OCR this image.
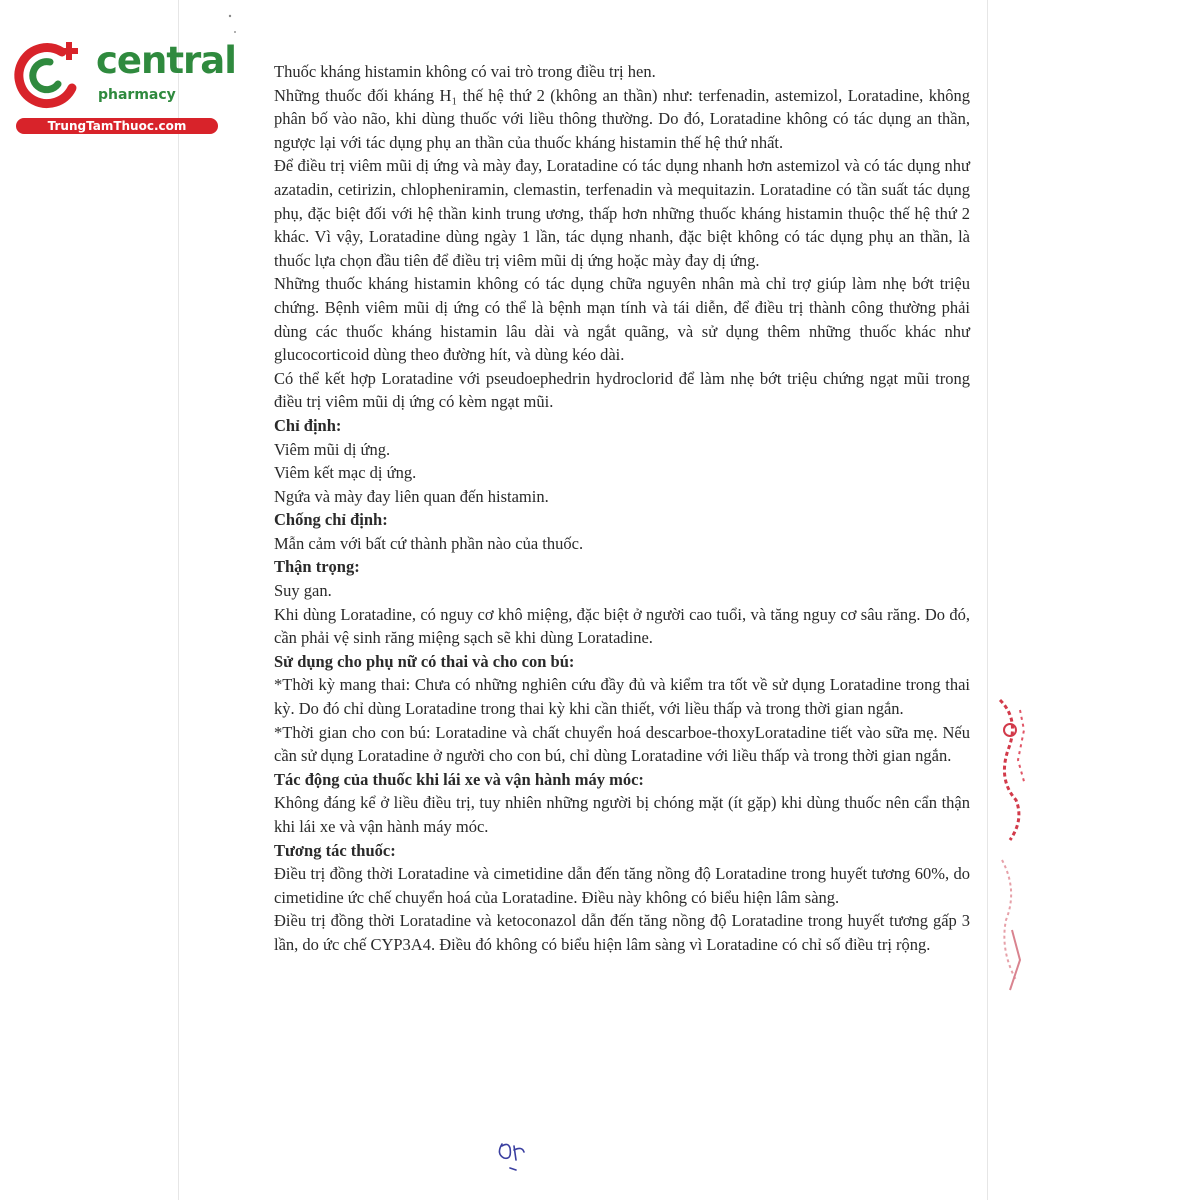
central
pharmacy
TrungTamThuoc.com

Thuốc kháng histamin không có vai trò trong điều trị hen.

Những thuốc đối kháng H₁ thế hệ thứ 2 (không an thần) như: terfenadin, astemizol, Loratadine, không phân bố vào não, khi dùng thuốc với liều thông thường. Do đó, Loratadine không có tác dụng an thần, ngược lại với tác dụng phụ an thần của thuốc kháng histamin thế hệ thứ nhất.

Để điều trị viêm mũi dị ứng và mày đay, Loratadine có tác dụng nhanh hơn astemizol và có tác dụng như azatadin, cetirizin, chlopheniramin, clemastin, terfenadin và mequitazin. Loratadine có tần suất tác dụng phụ, đặc biệt đối với hệ thần kinh trung ương, thấp hơn những thuốc kháng histamin thuộc thế hệ thứ 2 khác. Vì vậy, Loratadine dùng ngày 1 lần, tác dụng nhanh, đặc biệt không có tác dụng phụ an thần, là thuốc lựa chọn đầu tiên để điều trị viêm mũi dị ứng hoặc mày đay dị ứng.

Những thuốc kháng histamin không có tác dụng chữa nguyên nhân mà chỉ trợ giúp làm nhẹ bớt triệu chứng. Bệnh viêm mũi dị ứng có thể là bệnh mạn tính và tái diễn, để điều trị thành công thường phải dùng các thuốc kháng histamin lâu dài và ngắt quãng, và sử dụng thêm những thuốc khác như glucocorticoid dùng theo đường hít, và dùng kéo dài.

Có thể kết hợp Loratadine với pseudoephedrin hydroclorid để làm nhẹ bớt triệu chứng ngạt mũi trong điều trị viêm mũi dị ứng có kèm ngạt mũi.

Chỉ định:

Viêm mũi dị ứng.

Viêm kết mạc dị ứng.

Ngứa và mày đay liên quan đến histamin.

Chống chỉ định:

Mẫn cảm với bất cứ thành phần nào của thuốc.

Thận trọng:

Suy gan.

Khi dùng Loratadine, có nguy cơ khô miệng, đặc biệt ở người cao tuổi, và tăng nguy cơ sâu răng. Do đó, cần phải vệ sinh răng miệng sạch sẽ khi dùng Loratadine.

Sử dụng cho phụ nữ có thai và cho con bú:

*Thời kỳ mang thai: Chưa có những nghiên cứu đầy đủ và kiểm tra tốt về sử dụng Loratadine trong thai kỳ. Do đó chỉ dùng Loratadine trong thai kỳ khi cần thiết, với liều thấp và trong thời gian ngắn.

*Thời gian cho con bú: Loratadine và chất chuyển hoá descarboe-thoxyLoratadine tiết vào sữa mẹ. Nếu cần sử dụng Loratadine ở người cho con bú, chỉ dùng Loratadine với liều thấp và trong thời gian ngắn.

Tác động của thuốc khi lái xe và vận hành máy móc:

Không đáng kể ở liều điều trị, tuy nhiên những người bị chóng mặt (ít gặp) khi dùng thuốc nên cẩn thận khi lái xe và vận hành máy móc.

Tương tác thuốc:

Điều trị đồng thời Loratadine và cimetidine dẫn đến tăng nồng độ Loratadine trong huyết tương 60%, do cimetidine ức chế chuyển hoá của Loratadine. Điều này không có biểu hiện lâm sàng.

Điều trị đồng thời Loratadine và ketoconazol dẫn đến tăng nồng độ Loratadine trong huyết tương gấp 3 lần, do ức chế CYP3A4. Điều đó không có biểu hiện lâm sàng vì Loratadine có chỉ số điều trị rộng.
